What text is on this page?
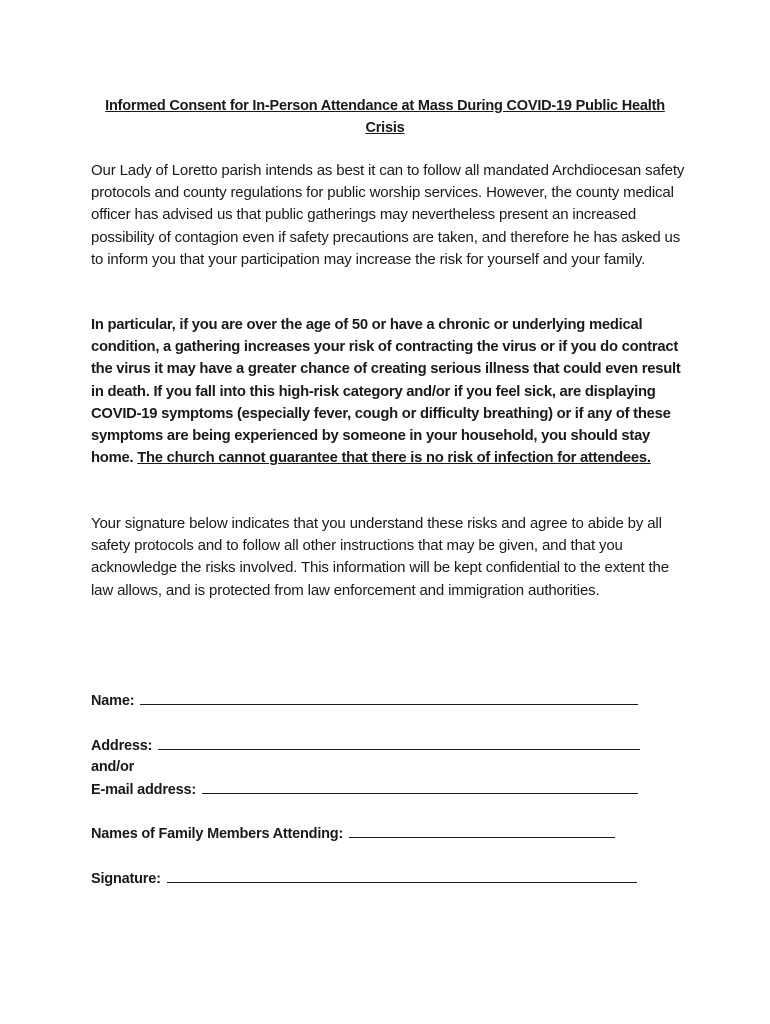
Informed Consent for In-Person Attendance at Mass During COVID-19 Public Health Crisis
Our Lady of Loretto parish intends as best it can to follow all mandated Archdiocesan safety protocols and county regulations for public worship services. However, the county medical officer has advised us that public gatherings may nevertheless present an increased possibility of contagion even if safety precautions are taken, and therefore he has asked us to inform you that your participation may increase the risk for yourself and your family.
In particular, if you are over the age of 50 or have a chronic or underlying medical condition, a gathering increases your risk of contracting the virus or if you do contract the virus it may have a greater chance of creating serious illness that could even result in death. If you fall into this high-risk category and/or if you feel sick, are displaying COVID-19 symptoms (especially fever, cough or difficulty breathing) or if any of these symptoms are being experienced by someone in your household, you should stay home. The church cannot guarantee that there is no risk of infection for attendees.
Your signature below indicates that you understand these risks and agree to abide by all safety protocols and to follow all other instructions that may be given, and that you acknowledge the risks involved. This information will be kept confidential to the extent the law allows, and is protected from law enforcement and immigration authorities.
Name:
Address:
and/or
E-mail address:
Names of Family Members Attending:
Signature:
